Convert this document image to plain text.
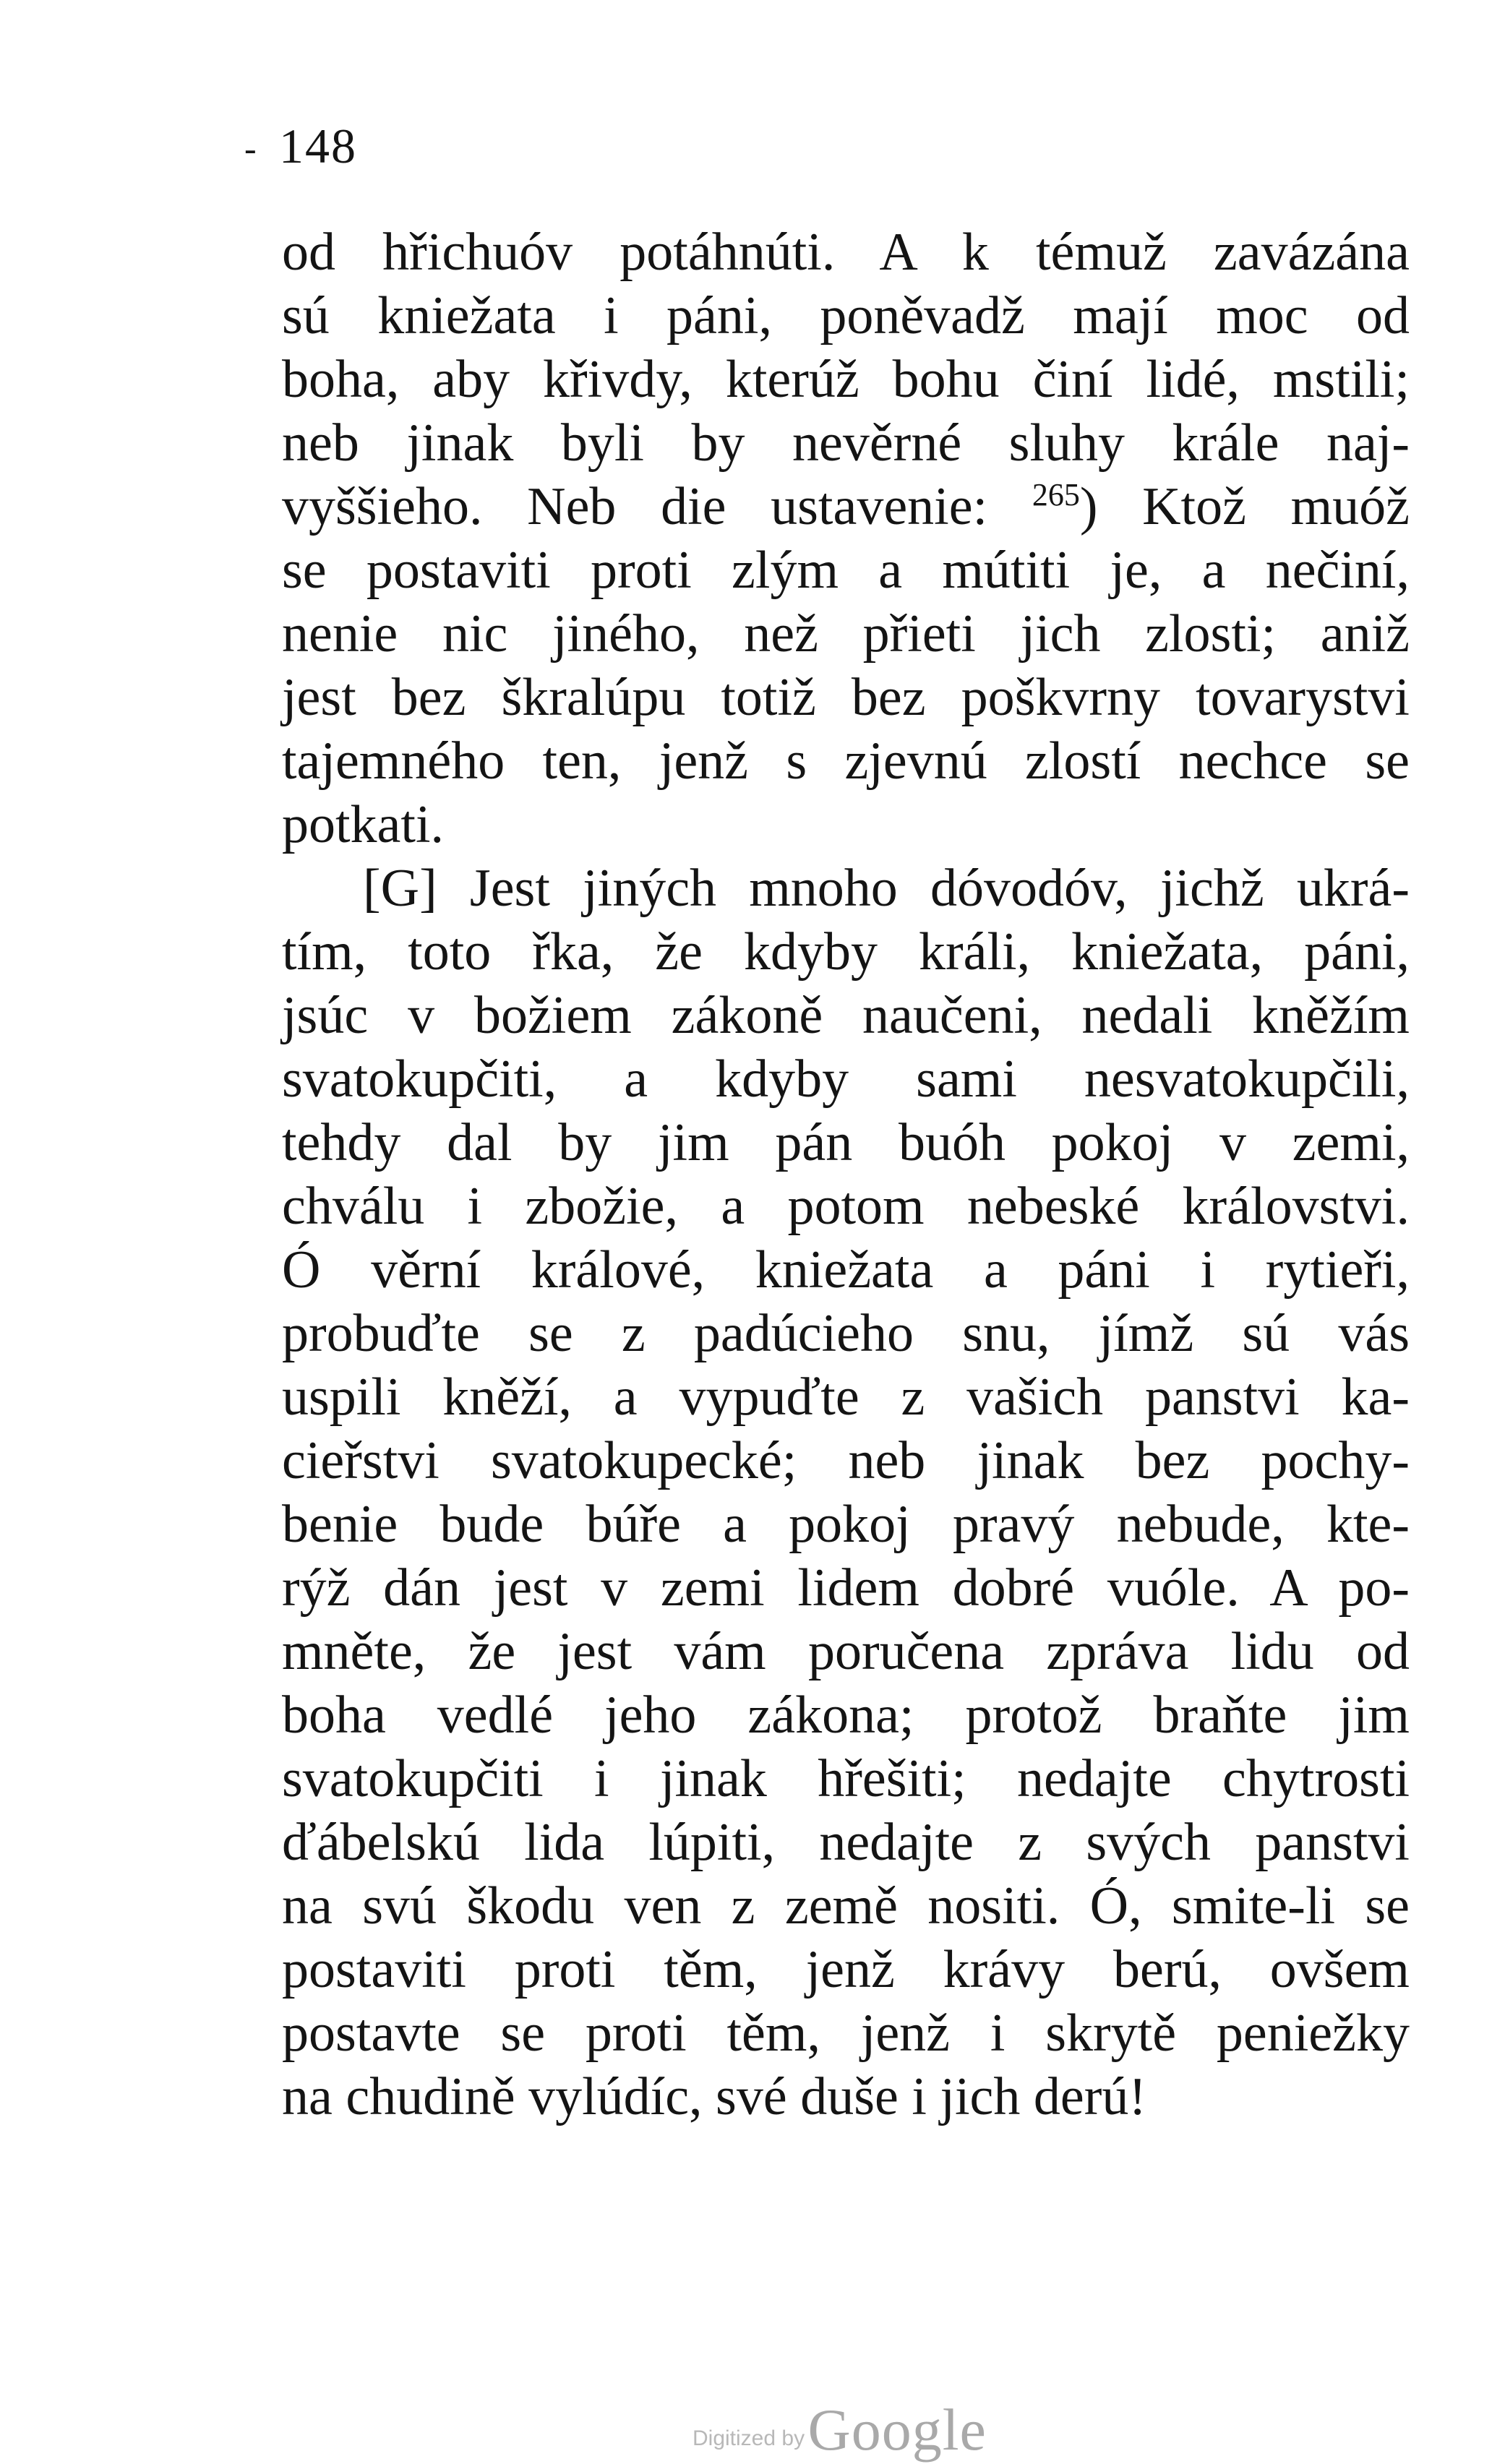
- 148
od hřichuóv potáhnúti. A k témuž zavázána
sú kniežata i páni, poněvadž mají moc od
boha, aby křivdy, kterúž bohu činí lidé, mstili;
neb jinak byli by nevěrné sluhy krále naj-
vyššieho. Neb die ustavenie: $^{265}$) Ktož muóž
se postaviti proti zlým a mútiti je, a nečiní,
nenie nic jiného, než přieti jich zlosti; aniž
jest bez škralúpu totiž bez poškvrny tovarystvi
tajemného ten, jenž s zjevnú zlostí nechce se
potkati.
[G] Jest jiných mnoho dóvodóv, jichž ukrá-
tím, toto řka, že kdyby králi, kniežata, páni,
jsúc v božiem zákoně naučeni, nedali kněžím
svatokupčiti, a kdyby sami nesvatokupčili,
tehdy dal by jim pán buóh pokoj v zemi,
chválu i zbožie, a potom nebeské královstvi.
Ó věrní králové, kniežata a páni i rytieři,
probuďte se z padúcieho snu, jímž sú vás
uspili kněží, a vypuďte z vašich panstvi ka-
cieřstvi svatokupecké; neb jinak bez pochy-
benie bude búře a pokoj pravý nebude, kte-
rýž dán jest v zemi lidem dobré vuóle. A po-
mněte, že jest vám poručena zpráva lidu od
boha vedlé jeho zákona; protož braňte jim
svatokupčiti i jinak hřešiti; nedajte chytrosti
ďábelskú lida lúpiti, nedajte z svých panstvi
na svú škodu ven z země nositi. Ó, smite-li se
postaviti proti těm, jenž krávy berú, ovšem
postavte se proti těm, jenž i skrytě peniežky
na chudině vylúdíc, své duše i jich derú!
Digitized by Google
